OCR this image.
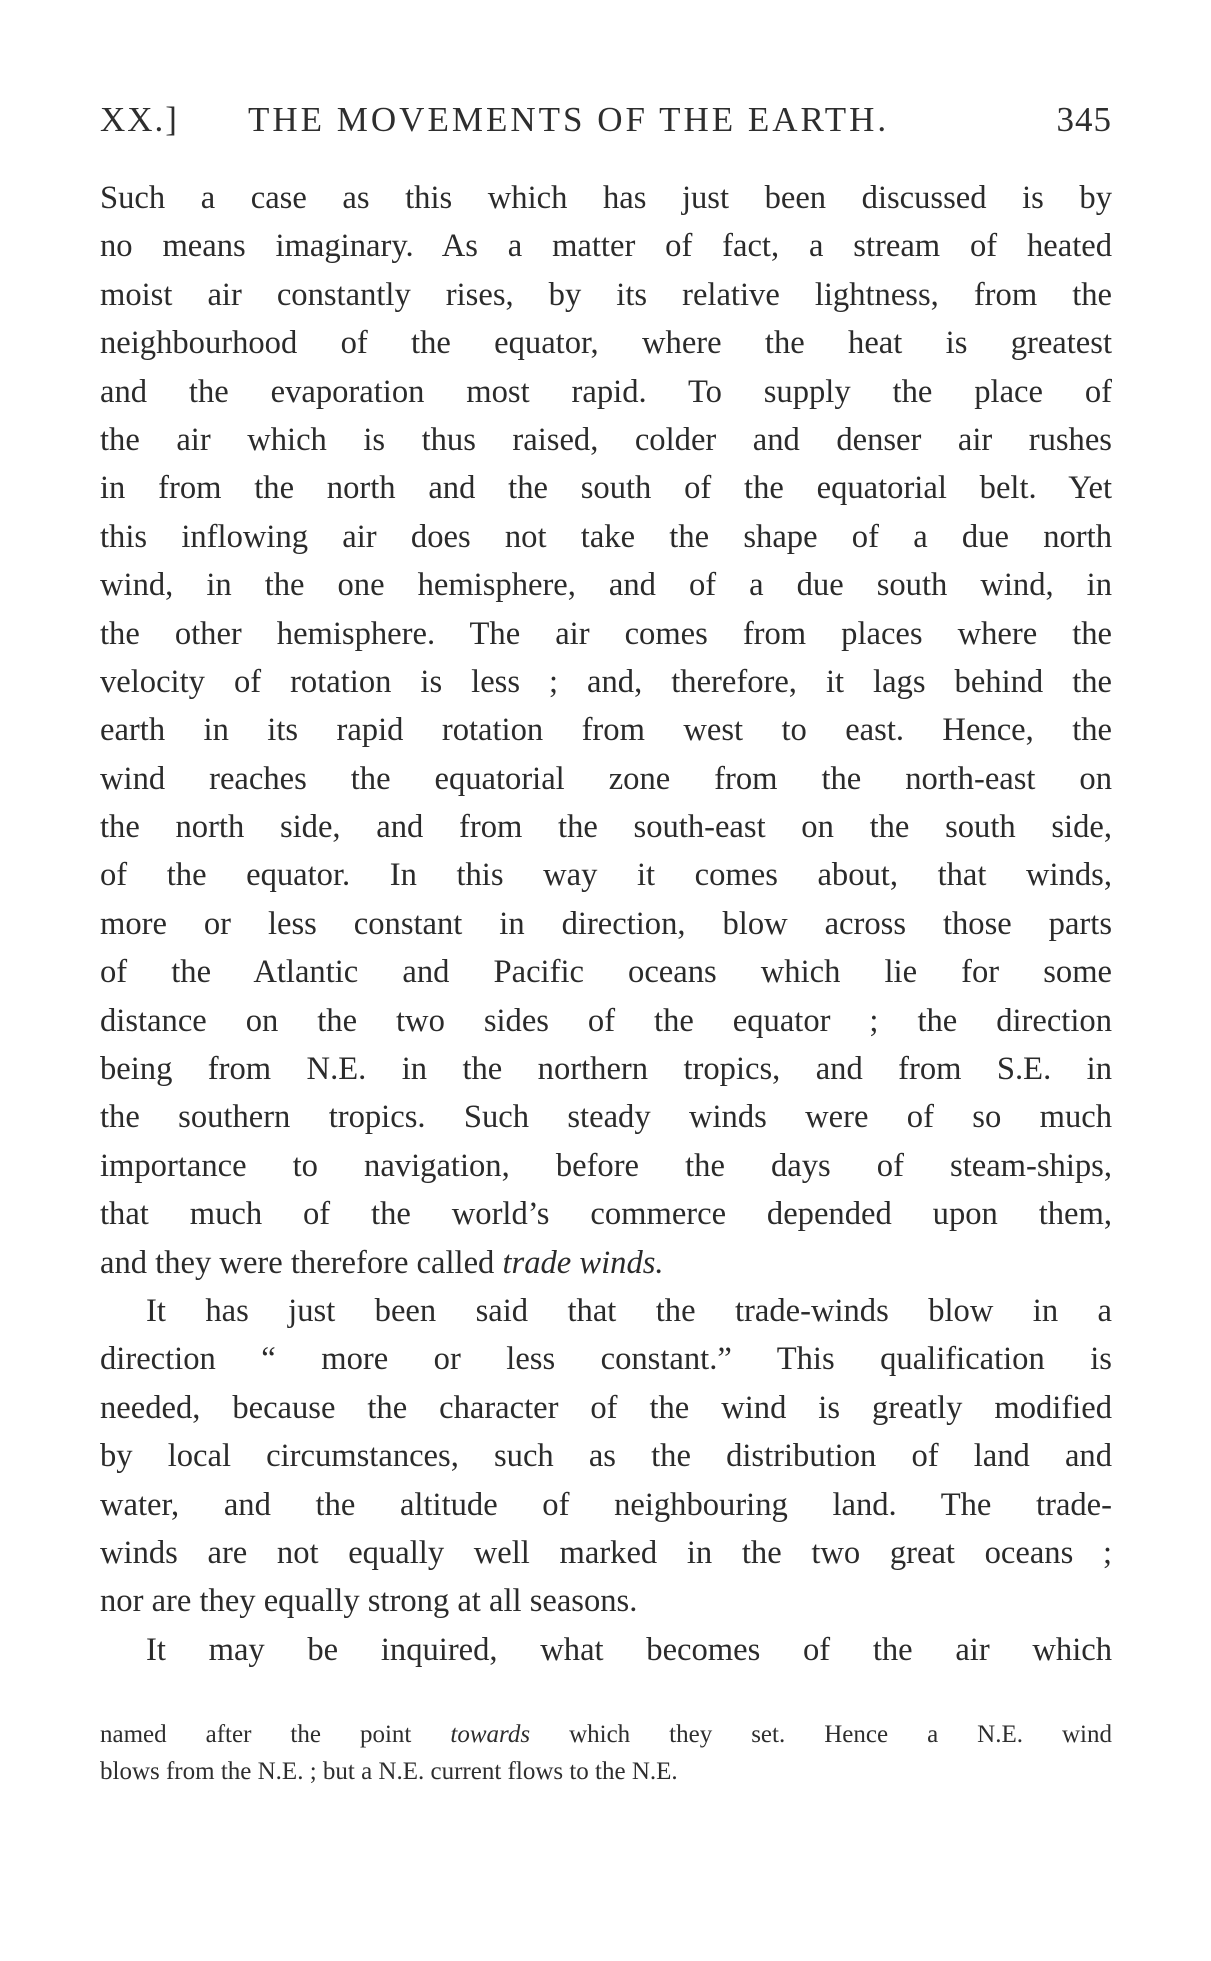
XX.] THE MOVEMENTS OF THE EARTH.	345
Such a case as this which has just been discussed is by
no means imaginary. As a matter of fact, a stream of heated
moist air constantly rises, by its relative lightness, from the
neighbourhood of the equator, where the heat is greatest
and the evaporation most rapid. To supply the place of
the air which is thus raised, colder and denser air rushes
in from the north and the south of the equatorial belt. Yet
this inflowing air does not take the shape of a due north
wind, in the one hemisphere, and of a due south wind, in
the other hemisphere. The air comes from places where the
velocity of rotation is less ; and, therefore, it lags behind the
earth in its rapid rotation from west to east. Hence, the
wind reaches the equatorial zone from the north-east on
the north side, and from the south-east on the south side,
of the equator. In this way it comes about, that winds,
more or less constant in direction, blow across those parts
of the Atlantic and Pacific oceans which lie for some
distance on the two sides of the equator ; the direction
being from N.E. in the northern tropics, and from S.E. in
the southern tropics. Such steady winds were of so much
importance to navigation, before the days of steam-ships,
that much of the world’s commerce depended upon them,
and they were therefore called trade winds.
It has just been said that the trade-winds blow in a
direction “ more or less constant.” This qualification is
needed, because the character of the wind is greatly modified
by local circumstances, such as the distribution of land and
water, and the altitude of neighbouring land. The trade-
winds are not equally well marked in the two great oceans ;
nor are they equally strong at all seasons.
It may be inquired, what becomes of the air which
named after the point towards which they set. Hence a N.E. wind
blows from the N.E. ; but a N.E. current flows to the N.E.
